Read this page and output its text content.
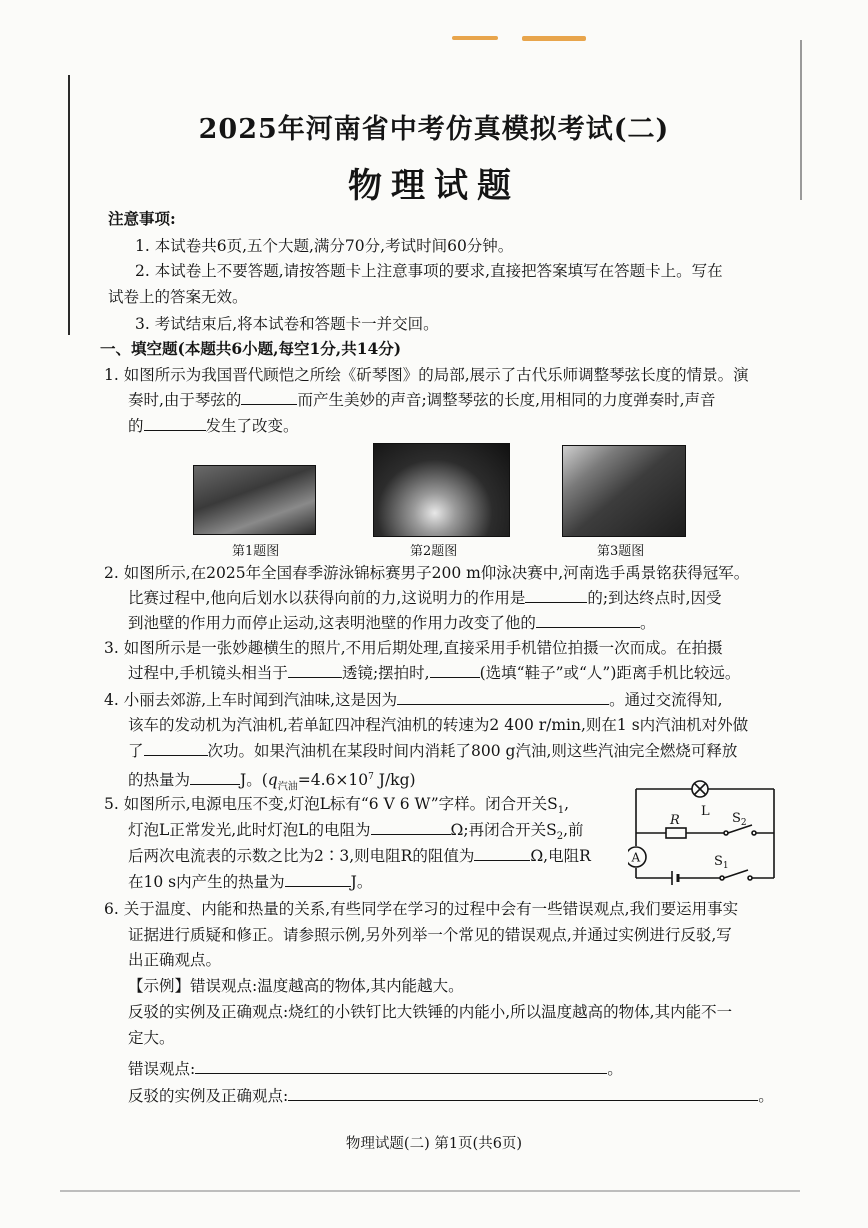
2025年河南省中考仿真模拟考试(二)
物理试题
注意事项:
1. 本试卷共6页,五个大题,满分70分,考试时间60分钟。
2. 本试卷上不要答题,请按答题卡上注意事项的要求,直接把答案填写在答题卡上。写在
试卷上的答案无效。
3. 考试结束后,将本试卷和答题卡一并交回。
一、填空题(本题共6小题,每空1分,共14分)
1. 如图所示为我国晋代顾恺之所绘《斫琴图》的局部,展示了古代乐师调整琴弦长度的情景。演
奏时,由于琴弦的	而产生美妙的声音;调整琴弦的长度,用相同的力度弹奏时,声音
的	发生了改变。
第1题图	第2题图	第3题图
2. 如图所示,在2025年全国春季游泳锦标赛男子200 m仰泳决赛中,河南选手禹景铭获得冠军。
比赛过程中,他向后划水以获得向前的力,这说明力的作用是	的;到达终点时,因受
到池壁的作用力而停止运动,这表明池壁的作用力改变了他的	。
3. 如图所示是一张妙趣横生的照片,不用后期处理,直接采用手机错位拍摄一次而成。在拍摄
过程中,手机镜头相当于	透镜;摆拍时,	(选填“鞋子”或“人”)距离手机比较远。
4. 小丽去郊游,上车时闻到汽油味,这是因为	。通过交流得知,
该车的发动机为汽油机,若单缸四冲程汽油机的转速为2 400 r/min,则在1 s内汽油机对外做
了	次功。如果汽油机在某段时间内消耗了800 g汽油,则这些汽油完全燃烧可释放
的热量为	J。($q_{汽油}=4.6\times 10^7$ J/kg)
5. 如图所示,电源电压不变,灯泡L标有“6 V 6 W”字样。闭合开关$S_1$,
灯泡L正常发光,此时灯泡L的电阻为	Ω;再闭合开关$S_2$,前
后两次电流表的示数之比为2∶3,则电阻R的阻值为	Ω,电阻R
在10 s内产生的热量为	J。
L $S_2$
R
A	$S_1$
6. 关于温度、内能和热量的关系,有些同学在学习的过程中会有一些错误观点,我们要运用事实
证据进行质疑和修正。请参照示例,另外列举一个常见的错误观点,并通过实例进行反驳,写
出正确观点。
【示例】错误观点:温度越高的物体,其内能越大。
反驳的实例及正确观点:烧红的小铁钉比大铁锤的内能小,所以温度越高的物体,其内能不一
定大。
错误观点:	。
反驳的实例及正确观点:	。
物理试题(二) 第1页(共6页)
